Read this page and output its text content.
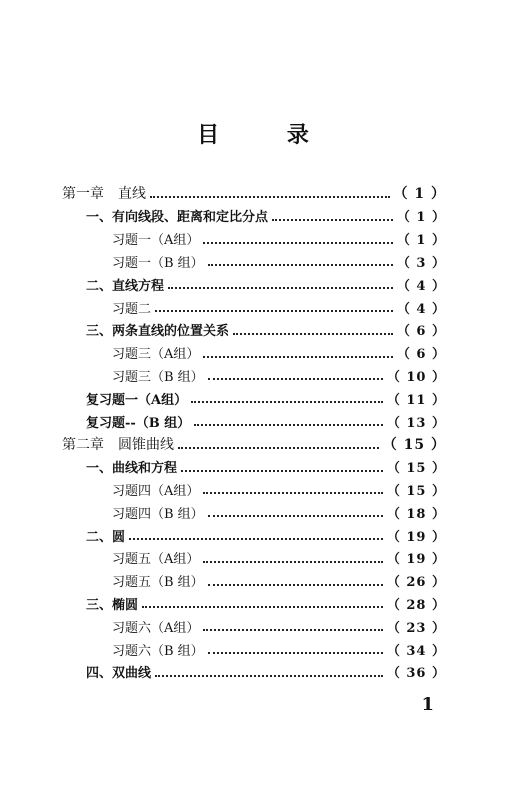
目 录
第一章　直线	（ 1 ）
一、有向线段、距离和定比分点	（ 1 ）
习题一（A组）	（ 1 ）
习题一（B 组）	（ 3 ）
二、直线方程	（ 4 ）
习题二	（ 4 ）
三、两条直线的位置关系	（ 6 ）
习题三（A组）	（ 6 ）
习题三（B 组）	（ 10 ）
复习题一（A组）	（ 11 ）
复习题--（B 组）	（ 13 ）
第二章　圆锥曲线	（ 15 ）
一、曲线和方程	（ 15 ）
习题四（A组）	（ 15 ）
习题四（B 组）	（ 18 ）
二、圆	（ 19 ）
习题五（A组）	（ 19 ）
习题五（B 组）	（ 26 ）
三、椭圆	（ 28 ）
习题六（A组）	（ 23 ）
习题六（B 组）	（ 34 ）
四、双曲线	（ 36 ）
1
